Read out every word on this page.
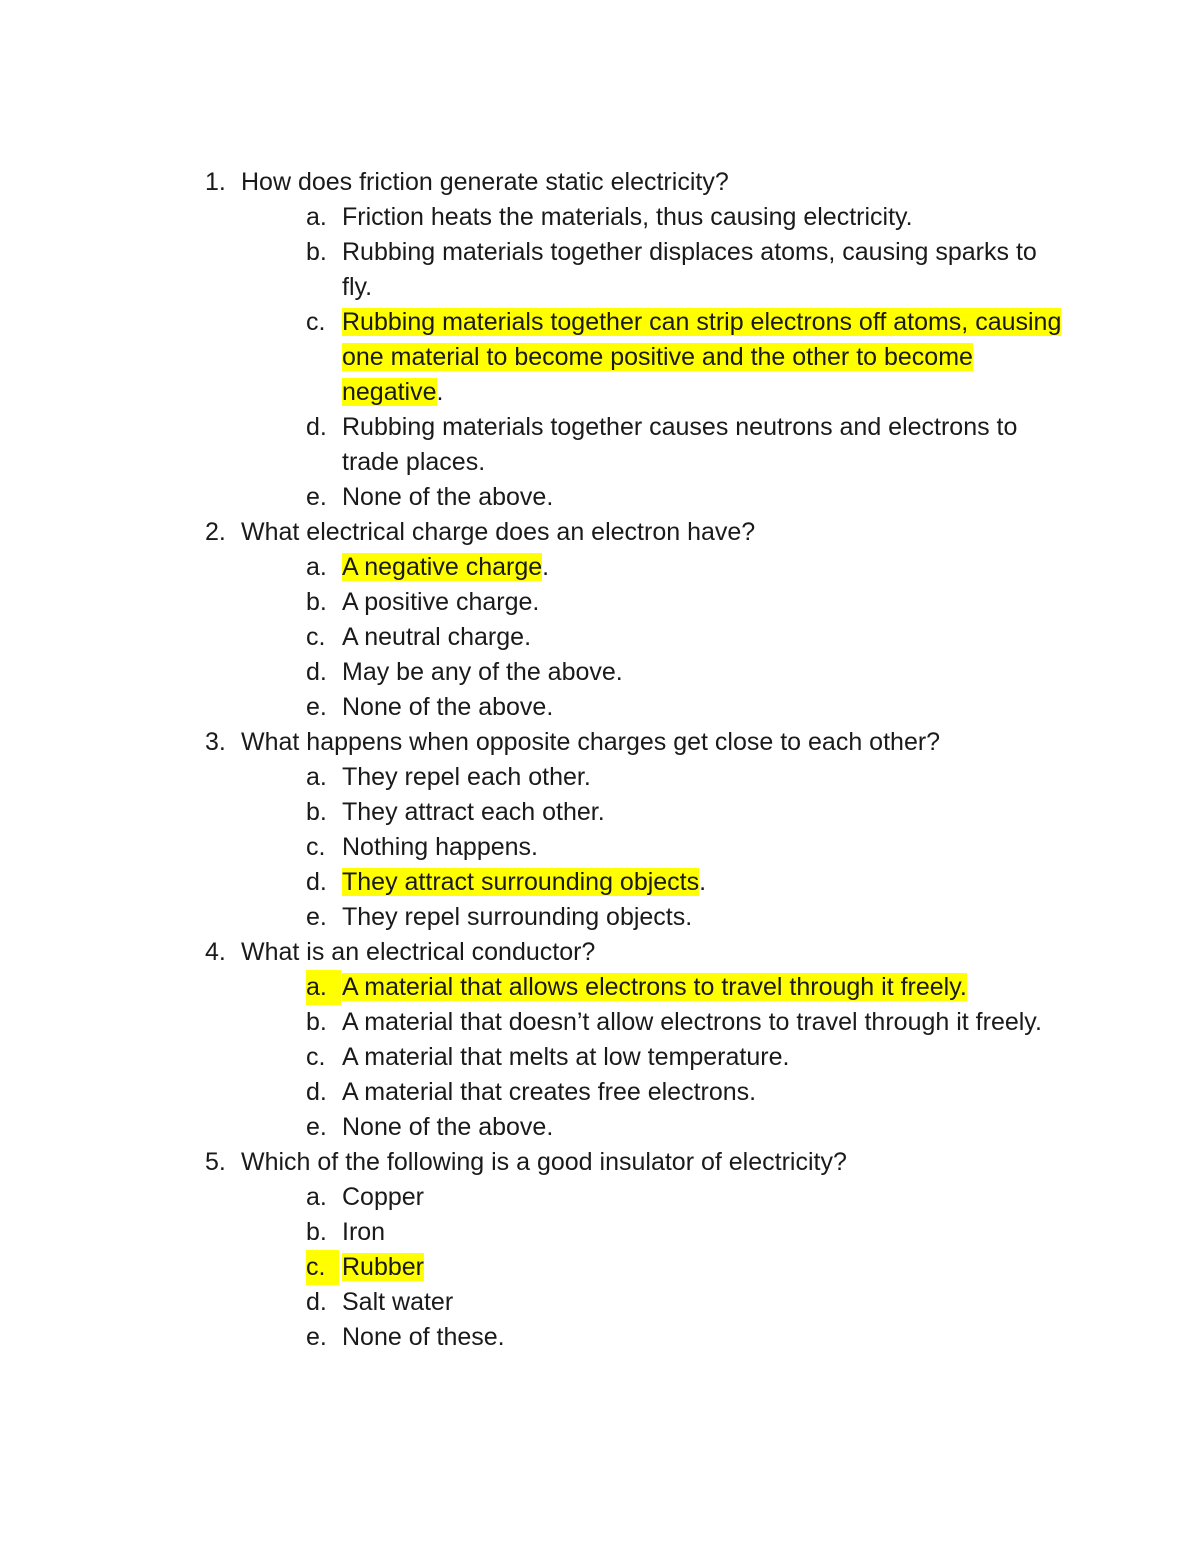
1. How does friction generate static electricity?

a. Friction heats the materials, thus causing electricity.

b. Rubbing materials together displaces atoms, causing sparks to fly.

c. Rubbing materials together can strip electrons off atoms, causing one material to become positive and the other to become negative.

d. Rubbing materials together causes neutrons and electrons to trade places.

e. None of the above.

2. What electrical charge does an electron have?

a. A negative charge.

b. A positive charge.

c. A neutral charge.

d. May be any of the above.

e. None of the above.

3. What happens when opposite charges get close to each other?

a. They repel each other.

b. They attract each other.

c. Nothing happens.

d. They attract surrounding objects.

e. They repel surrounding objects.

4. What is an electrical conductor?

a. A material that allows electrons to travel through it freely.

b. A material that doesn’t allow electrons to travel through it freely.

c. A material that melts at low temperature.

d. A material that creates free electrons.

e. None of the above.

5. Which of the following is a good insulator of electricity?

a. Copper

b. Iron

c. Rubber

d. Salt water

e. None of these.
